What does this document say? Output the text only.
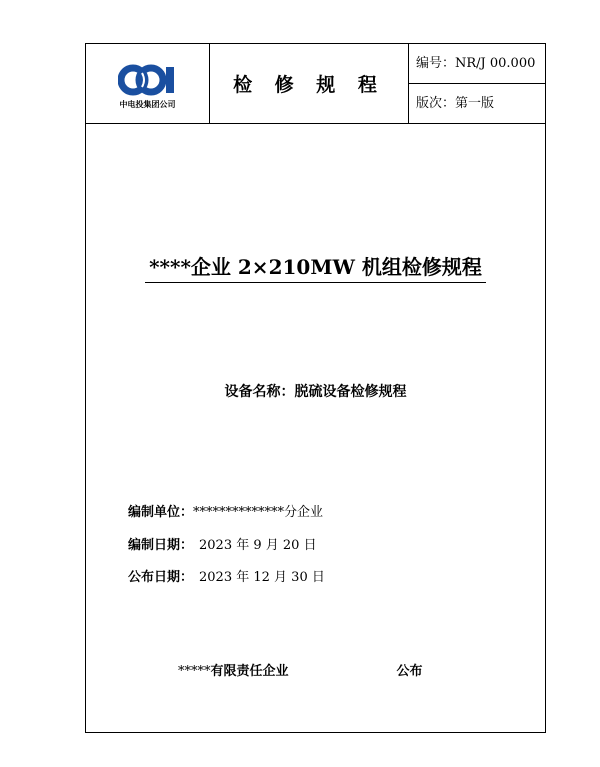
中电投集团公司
检 修 规 程
编号：NR/J 00.000
版次：第一版
****企业 2×210MW 机组检修规程
设备名称：脱硫设备检修规程
编制单位：**************分企业
编制日期： 2023 年 9 月 20 日
公布日期： 2023 年 12 月 30 日
*****有限责任企业	公布
